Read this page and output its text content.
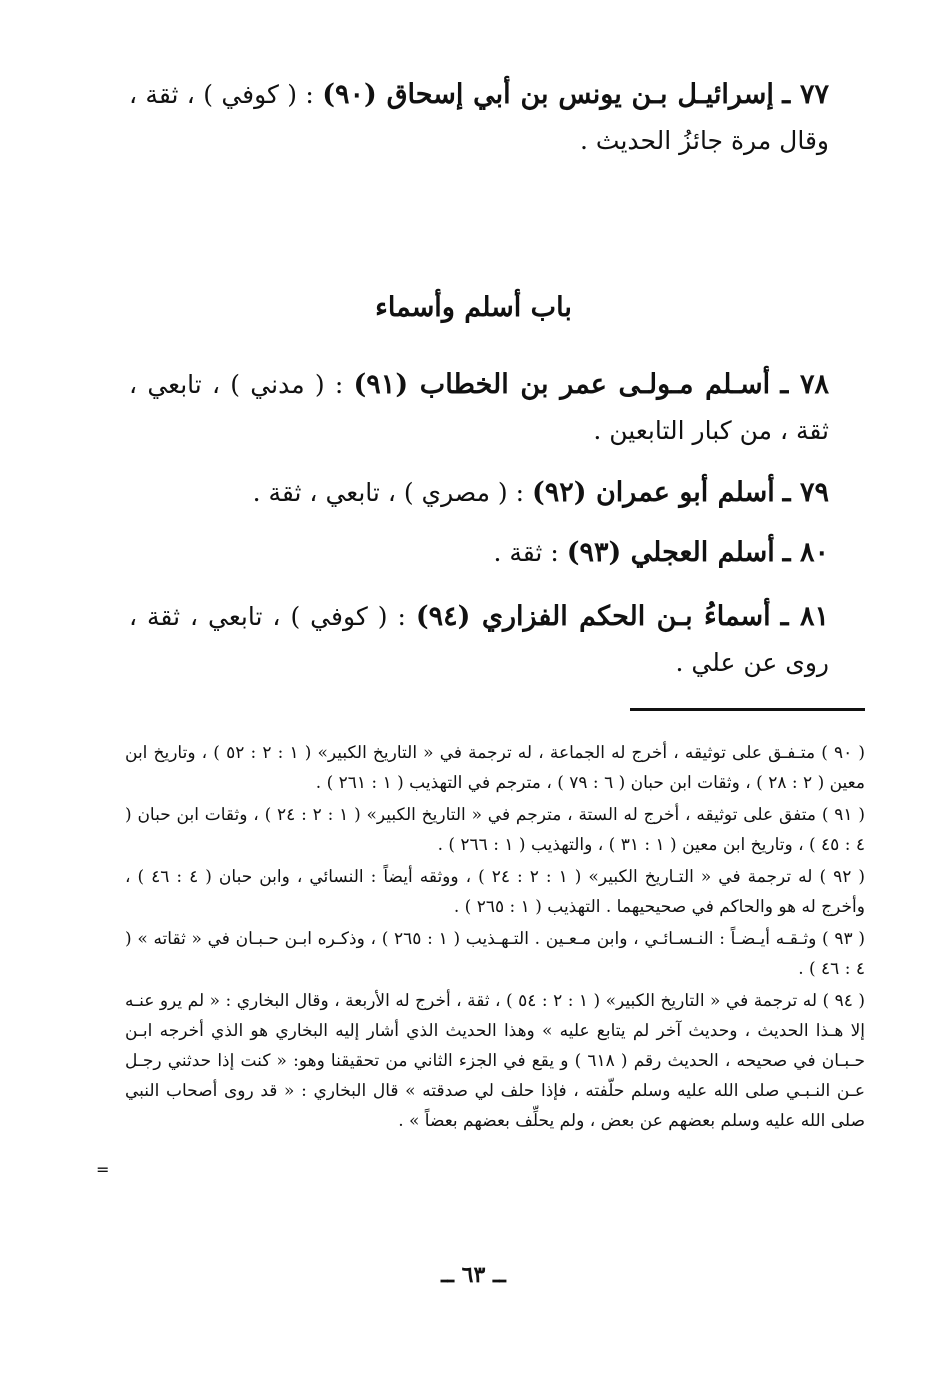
٧٧ ـ إسرائيـل بـن يونس بن أبي إسحاق (٩٠) : ( كوفي ) ، ثقة ، وقال مرة جائزُ الحديث .
باب أسلم وأسماء
٧٨ ـ أسـلم مـولـى عمر بن الخطاب (٩١) : ( مدني ) ، تابعي ، ثقة ، من كبار التابعين .
٧٩ ـ أسلم أبو عمران (٩٢) : ( مصري ) ، تابعي ، ثقة .
٨٠ ـ أسلم العجلي (٩٣) : ثقة .
٨١ ـ أسماءُ بـن الحكم الفزاري (٩٤) : ( كوفي ) ، تابعي ، ثقة ، روى عن علي .

( ٩٠ ) متـفـق على توثيقه ، أخرج له الجماعة ، له ترجمة في « التاريخ الكبير» ( ١ : ٢ : ٥٢ ) ، وتاريخ ابن معين ( ٢ : ٢٨ ) ، وثقات ابن حبان ( ٦ : ٧٩ ) ، مترجم في التهذيب ( ١ : ٢٦١ ) .

( ٩١ ) متفق على توثيقه ، أخرج له الستة ، مترجم في « التاريخ الكبير» ( ١ : ٢ : ٢٤ ) ، وثقات ابن حبان ( ٤ : ٤٥ ) ، وتاريخ ابن معين ( ١ : ٣١ ) ، والتهذيب ( ١ : ٢٦٦ ) .

( ٩٢ ) له ترجمة في « التـاريخ الكبير» ( ١ : ٢ : ٢٤ ) ، ووثقه أيضاً : النسائي ، وابن حبان ( ٤ : ٤٦ ) ، وأخرج له هو والحاكم في صحيحيهما . التهذيب ( ١ : ٢٦٥ ) .

( ٩٣ ) وثـقـه أيـضـاً : النـسـائـي ، وابن مـعـين . التـهـذيب ( ١ : ٢٦٥ ) ، وذكـره ابـن حـبـان في « ثقاته » ( ٤ : ٤٦ ) .

( ٩٤ ) له ترجمة في « التاريخ الكبير» ( ١ : ٢ : ٥٤ ) ، ثقة ، أخرج له الأربعة ، وقال البخاري : « لم يرو عنـه إلا هـذا الحديث ، وحديث آخر لم يتابع عليه » وهذا الحديث الذي أشار إليه البخاري هو الذي أخرجه ابـن حـبـان في صحيحه ، الحديث رقم ( ٦١٨ ) و يقع في الجزء الثاني من تحقيقنا وهو: « كنت إذا حدثني رجـل عـن النـبـي صلى الله عليه وسلم حلّفته ، فإذا حلف لي صدقته » قال البخاري : « قد روى أصحاب النبي صلى الله عليه وسلم بعضهم عن بعض ، ولم يحلِّف بعضهم بعضاً » .

=
ــ ٦٣ ــ
